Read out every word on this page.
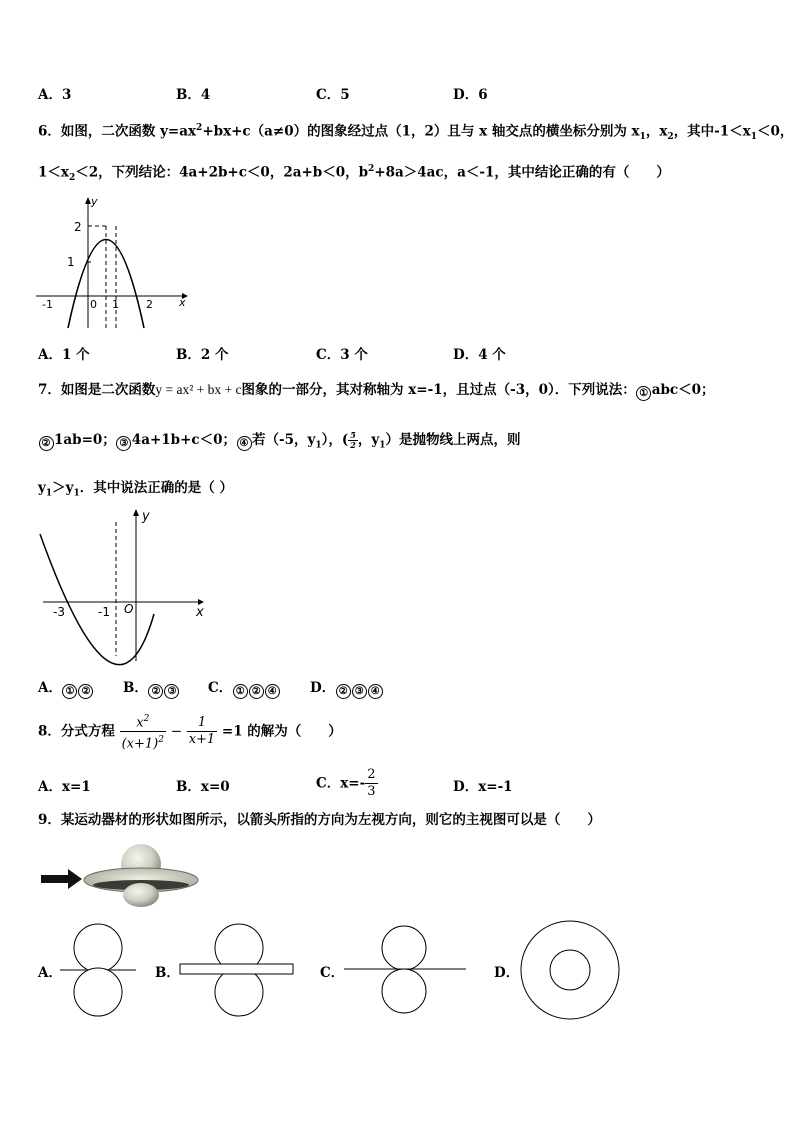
A．3	B．4	C．5	D．6
6．如图，二次函数 $y=ax^2+bx+c(a\ne 0)$的图象经过点（1，2）且与 x 轴交点的横坐标分别为 $x_1$，$x_2$，其中$-1<x_1<0$，
$1<x_2<2$，下列结论：4a+2b+c＜0，2a+b＜0，$b^2+8a>4ac$，a＜-1，其中结论正确的有（　　）
y
x
2
1
-1	0 1 2
A．1 个	B．2 个	C．3 个	D．4 个
7．如图是二次函数y = ax² + bx + c图象的一部分，其对称轴为 x=-1，且过点（-3，0）．下列说法： ① abc＜0；
② 1ab=0； ③ 4a+1b+c＜0； ④ 若（-5，$y_1$），( $\frac{5}{2}$ ，$y_1$）是抛物线上两点，则
$y_1>y_1$．其中说法正确的是（ ）
y
x
-3	-1 O
A． ① ② B． ② ③ C． ① ② ④ D． ② ③ ④
8．分式方程 $\frac{x^2}{(x+1)^2} - \frac{1}{x+1} =1$ 的解为（　　）
A．x=1	B．x=0	C．$x=- \frac{2}{3}$	D．x=-1
9．某运动器材的形状如图所示，以箭头所指的方向为左视方向，则它的主视图可以是（　　）
A．	B．	C．	D．
